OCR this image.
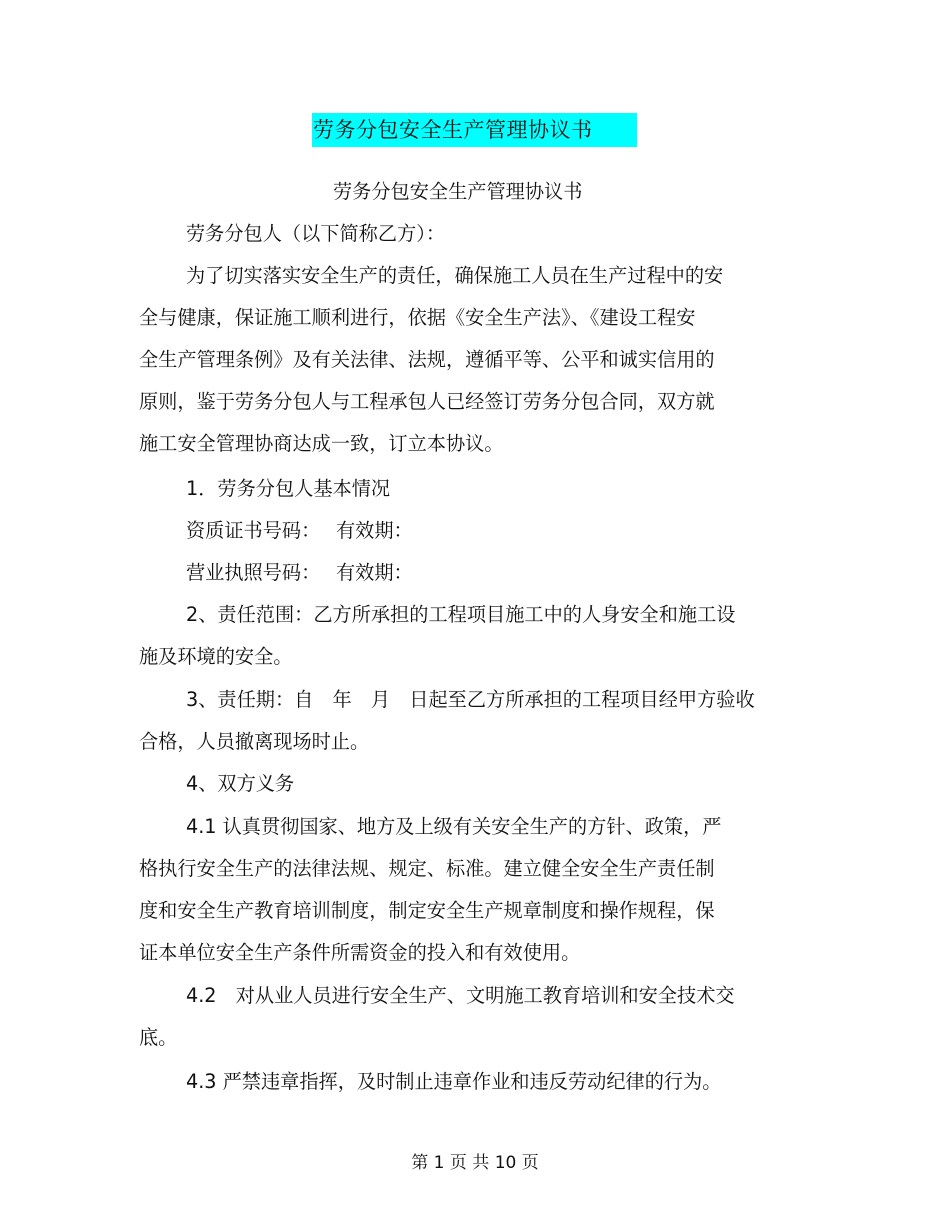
劳务分包安全生产管理协议书
劳务分包安全生产管理协议书
劳务分包人（以下简称乙方）：
为了切实落实安全生产的责任，确保施工人员在生产过程中的安
全与健康，保证施工顺利进行，依据《安全生产法》、《建设工程安
全生产管理条例》及有关法律、法规，遵循平等、公平和诚实信用的
原则，鉴于劳务分包人与工程承包人已经签订劳务分包合同，双方就
施工安全管理协商达成一致，订立本协议。
1．劳务分包人基本情况
资质证书号码：　 有效期：
营业执照号码：　 有效期：
2、责任范围：乙方所承担的工程项目施工中的人身安全和施工设
施及环境的安全。
3、责任期：自　年　月　日起至乙方所承担的工程项目经甲方验收
合格，人员撤离现场时止。
4、双方义务
4.1 认真贯彻国家、地方及上级有关安全生产的方针、政策，严
格执行安全生产的法律法规、规定、标准。建立健全安全生产责任制
度和安全生产教育培训制度，制定安全生产规章制度和操作规程，保
证本单位安全生产条件所需资金的投入和有效使用。
4.2　对从业人员进行安全生产、文明施工教育培训和安全技术交
底。
4.3 严禁违章指挥，及时制止违章作业和违反劳动纪律的行为。
第 1 页 共 10 页
